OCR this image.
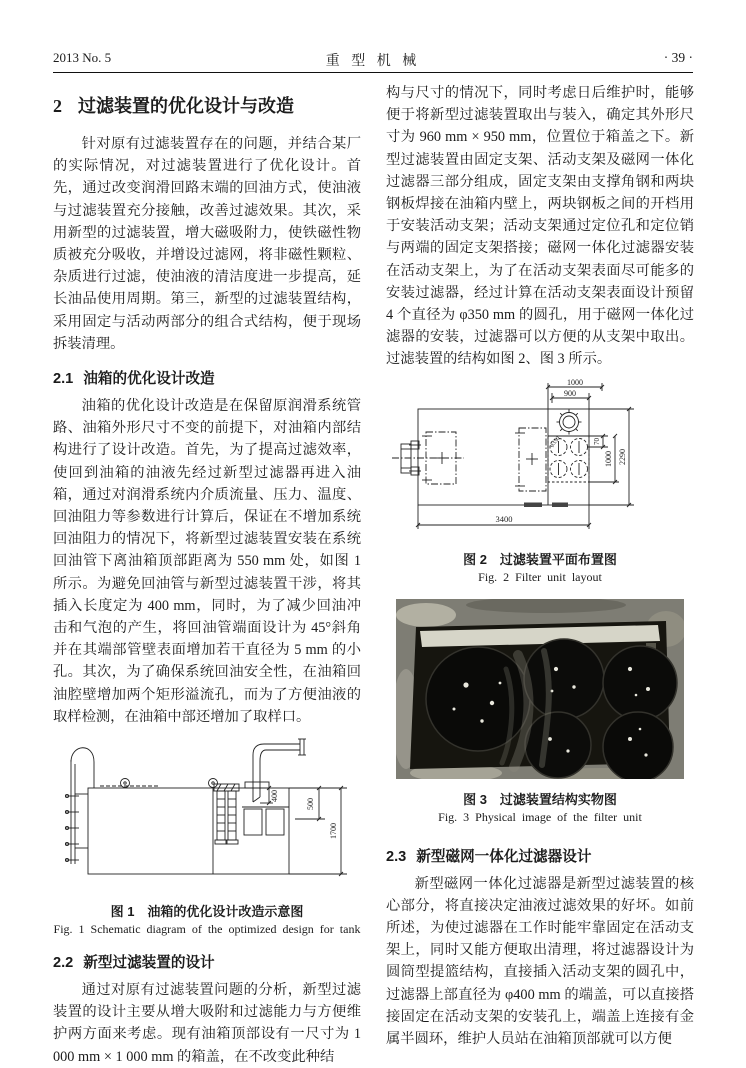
2013 No. 5	重 型 机 械	· 39 ·
2 过滤装置的优化设计与改造

针对原有过滤装置存在的问题，并结合某厂的实际情况，对过滤装置进行了优化设计。首先，通过改变润滑回路末端的回油方式，使油液与过滤装置充分接触，改善过滤效果。其次，采用新型的过滤装置，增大磁吸附力，使铁磁性物质被充分吸收，并增设过滤网，将非磁性颗粒、杂质进行过滤，使油液的清洁度进一步提高，延长油品使用周期。第三，新型的过滤装置结构，采用固定与活动两部分的组合式结构，便于现场拆装清理。

2.1 油箱的优化设计改造

油箱的优化设计改造是在保留原润滑系统管路、油箱外形尺寸不变的前提下，对油箱内部结构进行了设计改造。首先，为了提高过滤效率，使回到油箱的油液先经过新型过滤器再进入油箱，通过对润滑系统内介质流量、压力、温度、回油阻力等参数进行计算后，保证在不增加系统回油阻力的情况下，将新型过滤装置安装在系统回油管下离油箱顶部距离为 550 mm 处，如图 1 所示。为避免回油管与新型过滤装置干涉，将其插入长度定为 400 mm，同时，为了减少回油冲击和气泡的产生，将回油管端面设计为 45°斜角并在其端部管壁表面增加若干直径为 5 mm 的小孔。其次，为了确保系统回油安全性，在油箱回油腔壁增加两个矩形溢流孔，而为了方便油液的取样检测，在油箱中部还增加了取样口。

400
500
1700

图 1　油箱的优化设计改造示意图

Fig. 1 Schematic diagram of the optimized design for tank

2.2 新型过滤装置的设计

通过对原有过滤装置问题的分析，新型过滤装置的设计主要从增大吸附和过滤能力与方便维护两方面来考虑。现有油箱顶部设有一尺寸为 1 000 mm × 1 000 mm 的箱盖，在不改变此种结

构与尺寸的情况下，同时考虑日后维护时，能够便于将新型过滤装置取出与装入，确定其外形尺寸为 960 mm × 950 mm，位置位于箱盖之下。新型过滤装置由固定支架、活动支架及磁网一体化过滤器三部分组成，固定支架由支撑角钢和两块钢板焊接在油箱内壁上，两块钢板之间的开档用于安装活动支架；活动支架通过定位孔和定位销与两端的固定支架搭接；磁网一体化过滤器安装在活动支架上，为了在活动支架表面尽可能多的安装过滤器，经过计算在活动支架表面设计预留 4 个直径为 φ350 mm 的圆孔，用于磁网一体化过滤器的安装，过滤器可以方便的从支架中取出。过滤装置的结构如图 2、图 3 所示。

φ350
1000
900
70
1000 2290
3400

图 2　过滤装置平面布置图

Fig. 2 Filter unit layout

图 3　过滤装置结构实物图

Fig. 3 Physical image of the filter unit

2.3 新型磁网一体化过滤器设计

新型磁网一体化过滤器是新型过滤装置的核心部分，将直接决定油液过滤效果的好坏。如前所述，为使过滤器在工作时能牢靠固定在活动支架上，同时又能方便取出清理，将过滤器设计为圆筒型提篮结构，直接插入活动支架的圆孔中，过滤器上部直径为 φ400 mm 的端盖，可以直接搭接固定在活动支架的安装孔上，端盖上连接有金属半圆环，维护人员站在油箱顶部就可以方便
